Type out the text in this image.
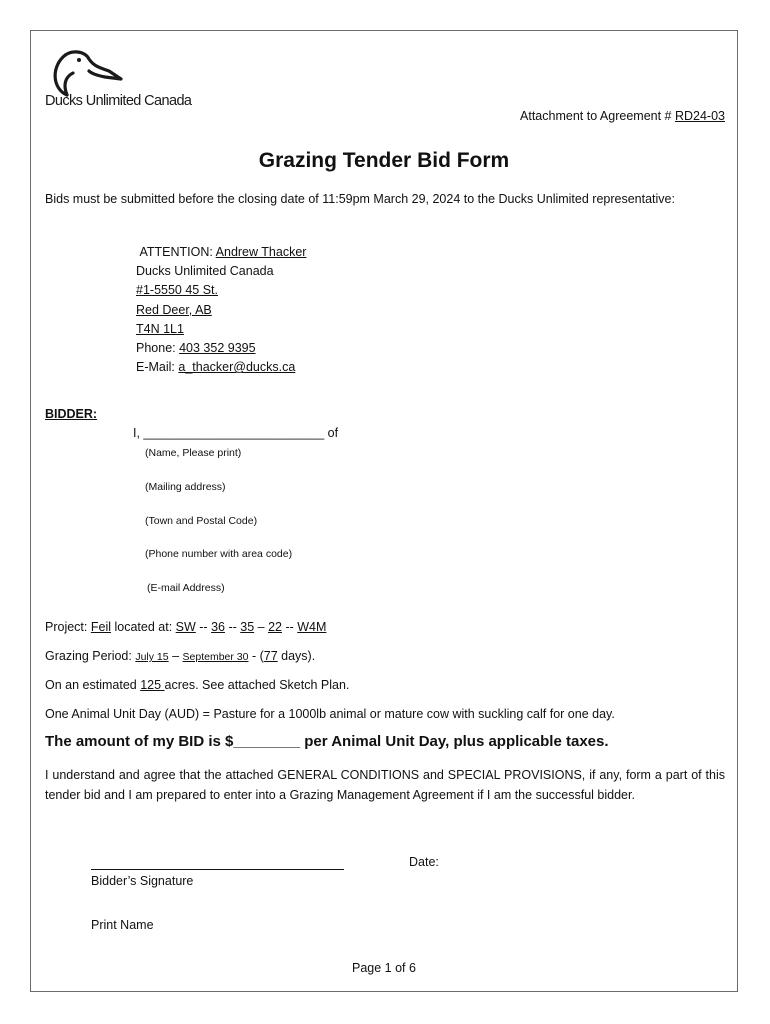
Ducks Unlimited Canada
Attachment to Agreement # RD24-03
Grazing Tender Bid Form
Bids must be submitted before the closing date of 11:59pm March 29, 2024 to the Ducks Unlimited representative:
ATTENTION: Andrew Thacker
Ducks Unlimited Canada
#1-5550 45 St.
Red Deer, AB
T4N 1L1
Phone: 403 352 9395
E-Mail: a_thacker@ducks.ca
BIDDER:
I, __________________________ of
(Name, Please print)
(Mailing address)
(Town and Postal Code)
(Phone number with area code)
(E-mail Address)
Project: Feil located at: SW -- 36 -- 35 – 22 -- W4M
Grazing Period: July 15 – September 30 - (77 days).
On an estimated 125 acres. See attached Sketch Plan.
One Animal Unit Day (AUD) = Pasture for a 1000lb animal or mature cow with suckling calf for one day.
The amount of my BID is $________ per Animal Unit Day, plus applicable taxes.
I understand and agree that the attached GENERAL CONDITIONS and SPECIAL PROVISIONS, if any, form a part of this tender bid and I am prepared to enter into a Grazing Management Agreement if I am the successful bidder.
Bidder’s Signature
Date:
Print Name
Page 1 of 6
